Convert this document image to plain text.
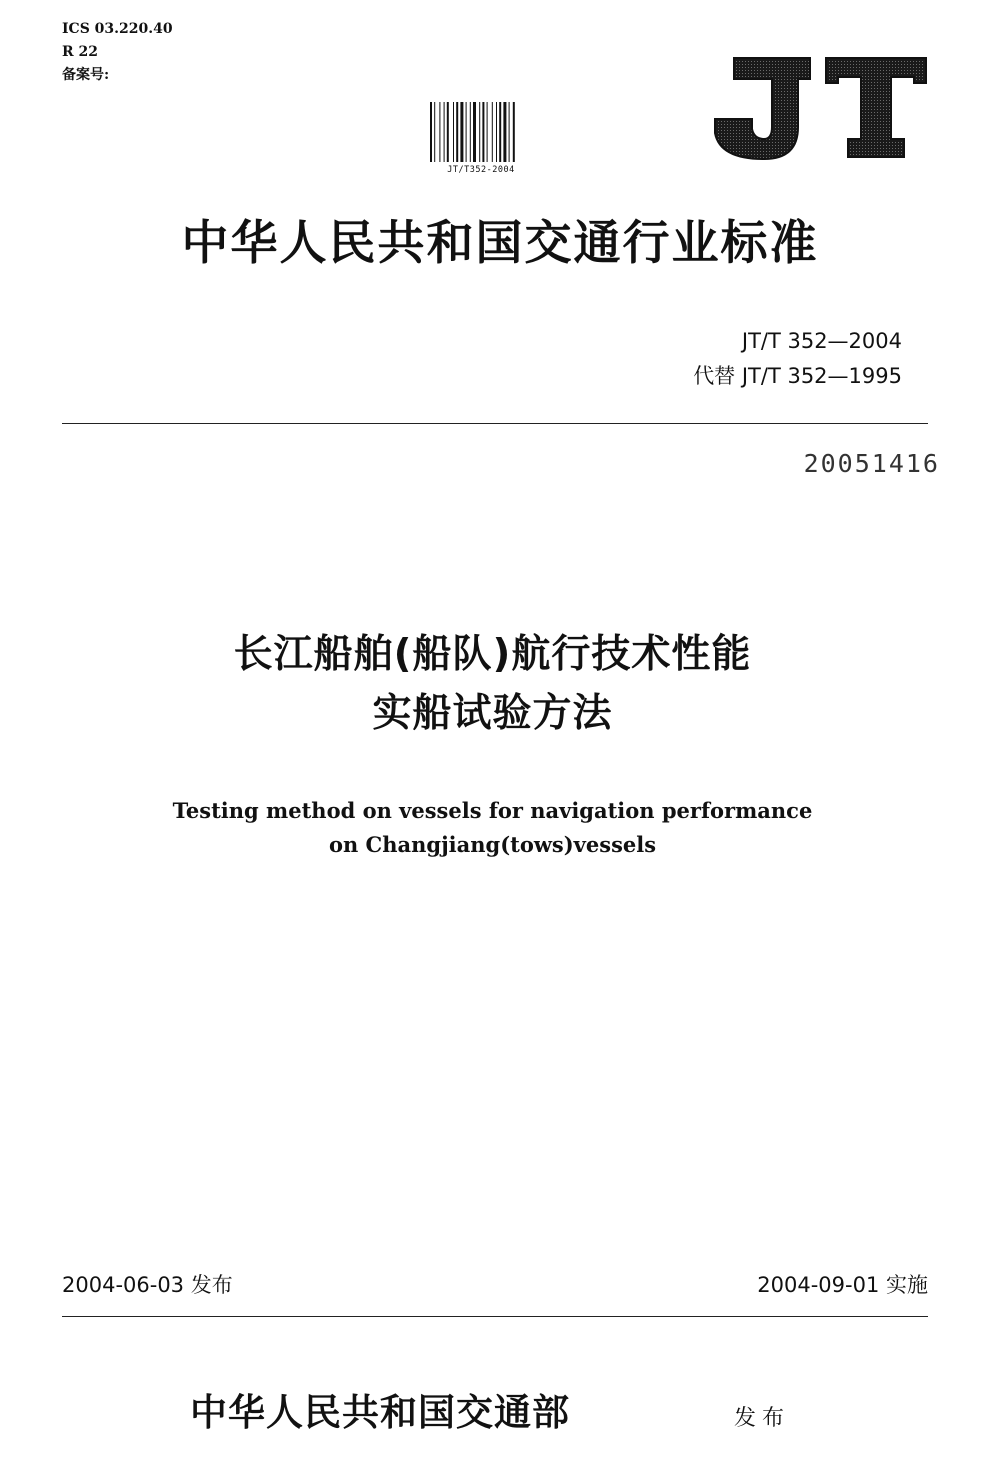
ICS 03.220.40
R 22
备案号:
JT/T352-2004
中华人民共和国交通行业标准
JT/T 352—2004
代替 JT/T 352—1995
20051416
长江船舶(船队)航行技术性能
实船试验方法
Testing method on vessels for navigation performance
on Changjiang(tows)vessels
2004-06-03 发布	2004-09-01 实施
中华人民共和国交通部	发布
